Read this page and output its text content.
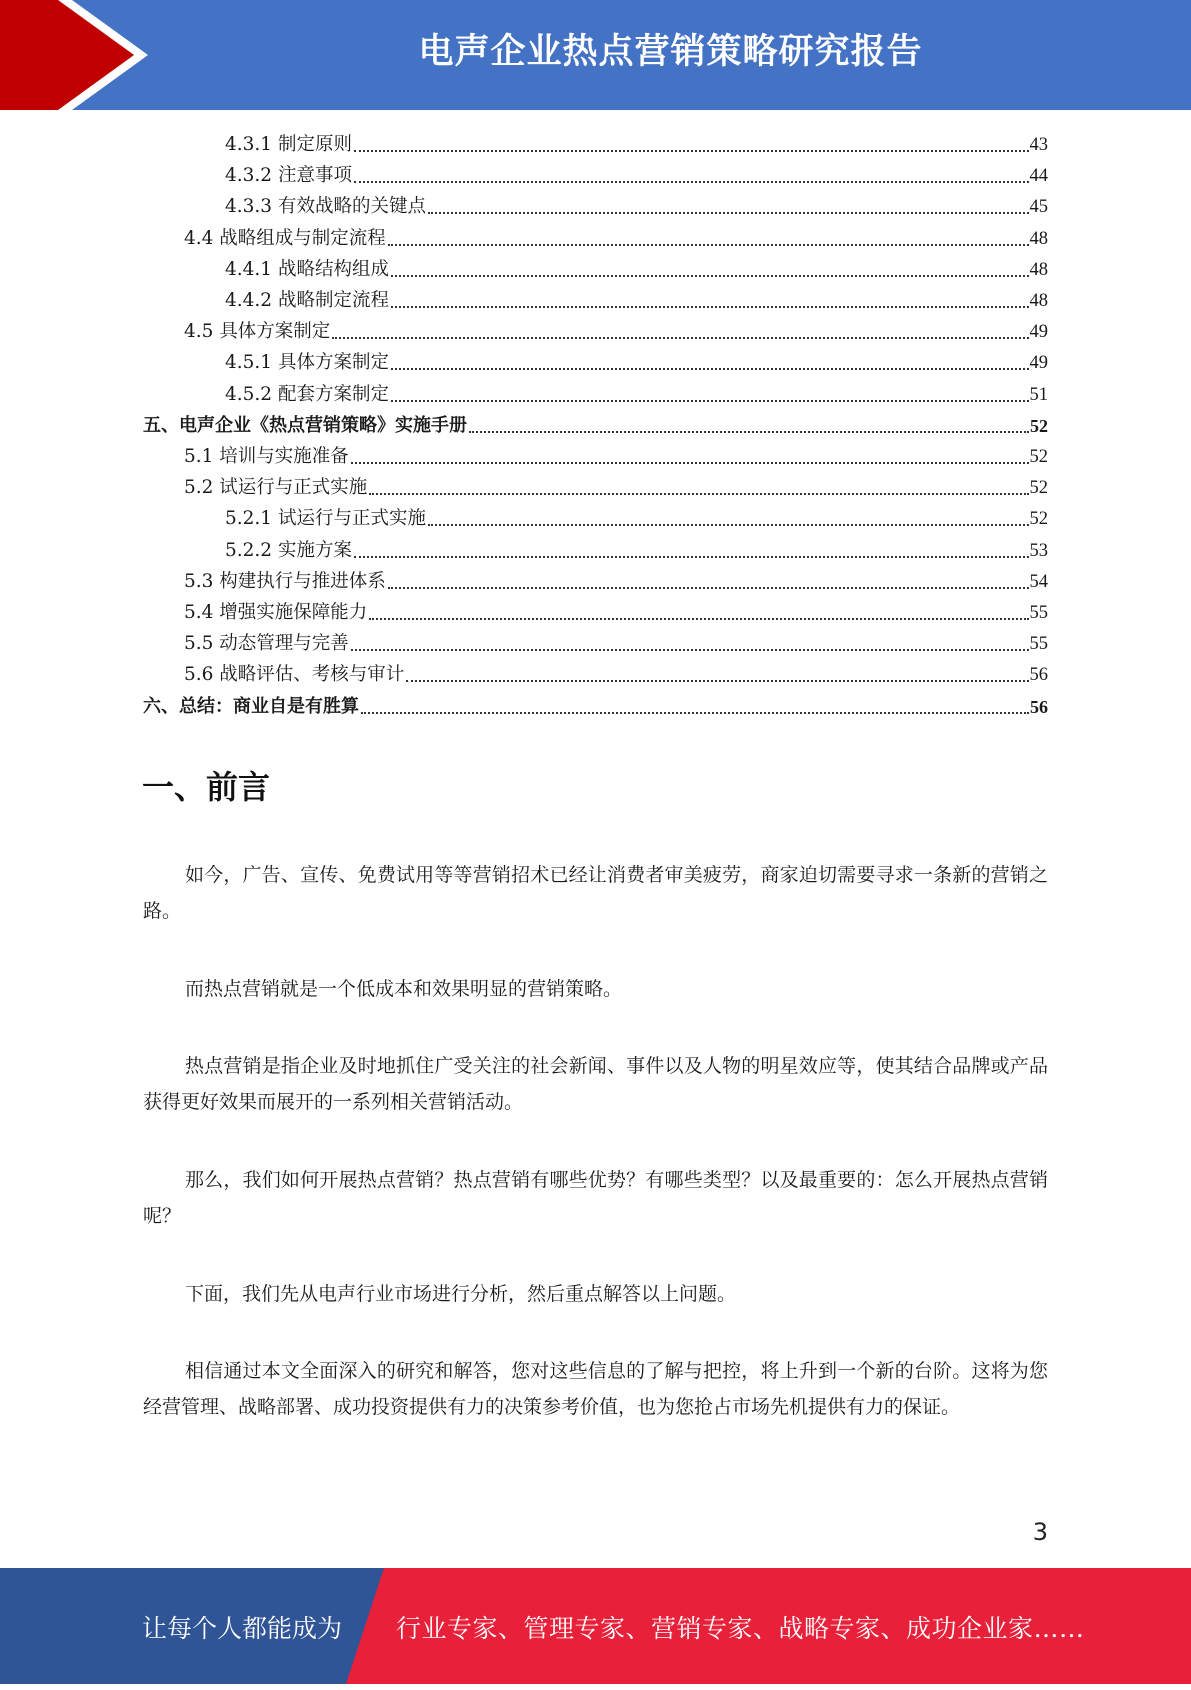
电声企业热点营销策略研究报告
4.3.1 制定原则	43
4.3.2 注意事项	44
4.3.3 有效战略的关键点	45
4.4 战略组成与制定流程	48
4.4.1 战略结构组成	48
4.4.2 战略制定流程	48
4.5 具体方案制定	49
4.5.1 具体方案制定	49
4.5.2 配套方案制定	51
五、电声企业《热点营销策略》实施手册	52
5.1 培训与实施准备	52
5.2 试运行与正式实施	52
5.2.1 试运行与正式实施	52
5.2.2 实施方案	53
5.3 构建执行与推进体系	54
5.4 增强实施保障能力	55
5.5 动态管理与完善	55
5.6 战略评估、考核与审计	56
六、总结：商业自是有胜算	56
一、前言

如今，广告、宣传、免费试用等等营销招术已经让消费者审美疲劳，商家迫切需要寻求一条新的营销之路。

而热点营销就是一个低成本和效果明显的营销策略。

热点营销是指企业及时地抓住广受关注的社会新闻、事件以及人物的明星效应等，使其结合品牌或产品获得更好效果而展开的一系列相关营销活动。

那么，我们如何开展热点营销？热点营销有哪些优势？有哪些类型？以及最重要的：怎么开展热点营销呢？

下面，我们先从电声行业市场进行分析，然后重点解答以上问题。

相信通过本文全面深入的研究和解答，您对这些信息的了解与把控，将上升到一个新的台阶。这将为您经营管理、战略部署、成功投资提供有力的决策参考价值，也为您抢占市场先机提供有力的保证。

3
让每个人都能成为 行业专家、管理专家、营销专家、战略专家、成功企业家……
